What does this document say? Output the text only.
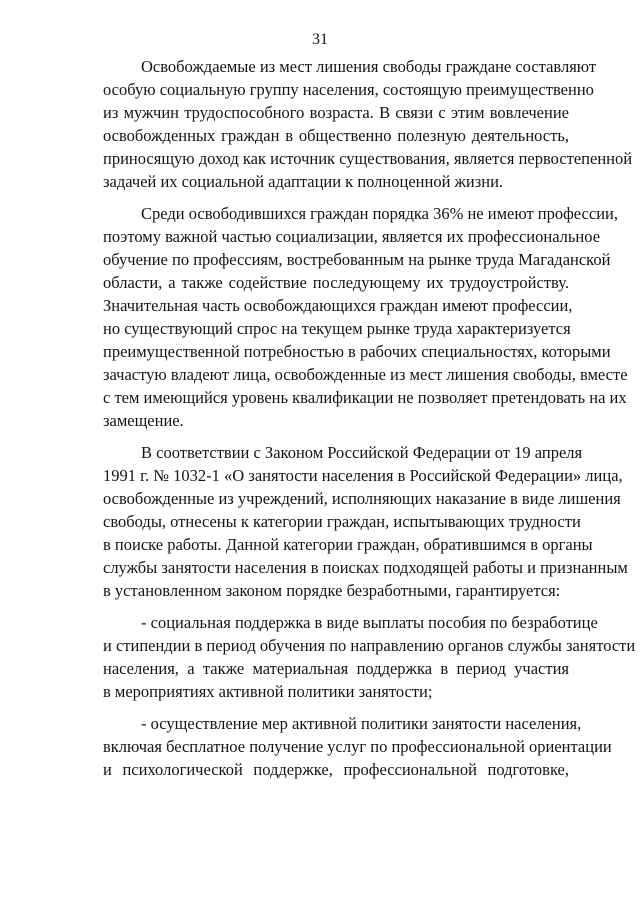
31
Освобождаемые из мест лишения свободы граждане составляют
особую социальную группу населения, состоящую преимущественно
из мужчин трудоспособного возраста. В связи с этим вовлечение
освобожденных граждан в общественно полезную деятельность,
приносящую доход как источник существования, является первостепенной
задачей их социальной адаптации к полноценной жизни.
Среди освободившихся граждан порядка 36% не имеют профессии,
поэтому важной частью социализации, является их профессиональное
обучение по профессиям, востребованным на рынке труда Магаданской
области, а также содействие последующему их трудоустройству.
Значительная часть освобождающихся граждан имеют профессии,
но существующий спрос на текущем рынке труда характеризуется
преимущественной потребностью в рабочих специальностях, которыми
зачастую владеют лица, освобожденные из мест лишения свободы, вместе
с тем имеющийся уровень квалификации не позволяет претендовать на их
замещение.
В соответствии с Законом Российской Федерации от 19 апреля
1991 г. № 1032-1 «О занятости населения в Российской Федерации» лица,
освобожденные из учреждений, исполняющих наказание в виде лишения
свободы, отнесены к категории граждан, испытывающих трудности
в поиске работы. Данной категории граждан, обратившимся в органы
службы занятости населения в поисках подходящей работы и признанным
в установленном законом порядке безработными, гарантируется:
- социальная поддержка в виде выплаты пособия по безработице
и стипендии в период обучения по направлению органов службы занятости
населения, а также материальная поддержка в период участия
в мероприятиях активной политики занятости;
- осуществление мер активной политики занятости населения,
включая бесплатное получение услуг по профессиональной ориентации
и психологической поддержке, профессиональной подготовке,
